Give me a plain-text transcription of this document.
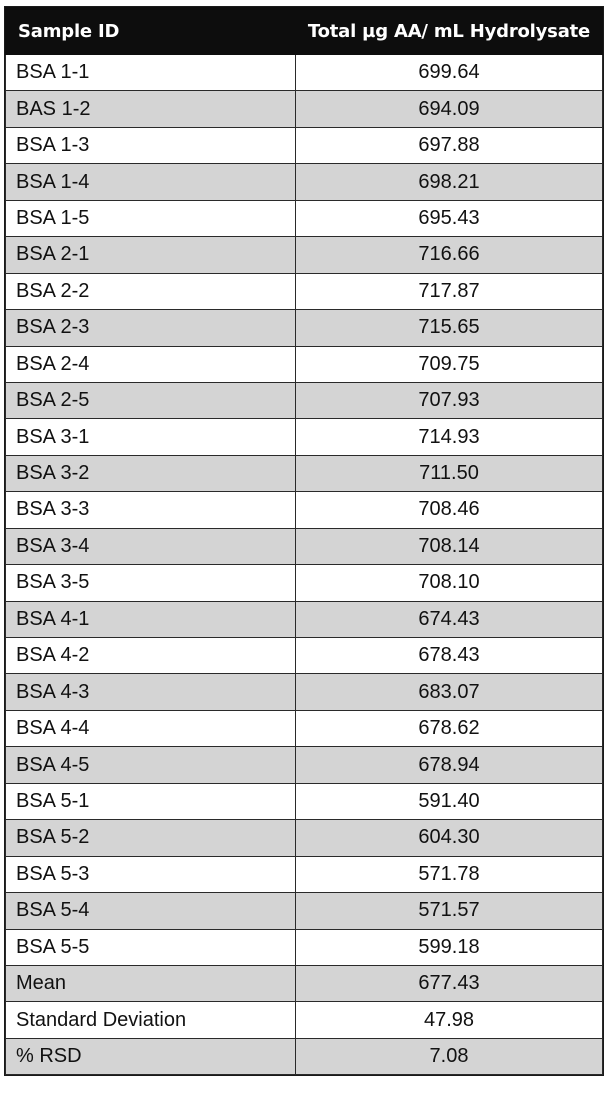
Sample ID	Total µg AA/ mL Hydrolysate
BSA 1-1	699.64
BAS 1-2	694.09
BSA 1-3	697.88
BSA 1-4	698.21
BSA 1-5	695.43
BSA 2-1	716.66
BSA 2-2	717.87
BSA 2-3	715.65
BSA 2-4	709.75
BSA 2-5	707.93
BSA 3-1	714.93
BSA 3-2	711.50
BSA 3-3	708.46
BSA 3-4	708.14
BSA 3-5	708.10
BSA 4-1	674.43
BSA 4-2	678.43
BSA 4-3	683.07
BSA 4-4	678.62
BSA 4-5	678.94
BSA 5-1	591.40
BSA 5-2	604.30
BSA 5-3	571.78
BSA 5-4	571.57
BSA 5-5	599.18
Mean	677.43
Standard Deviation	47.98
% RSD	7.08
